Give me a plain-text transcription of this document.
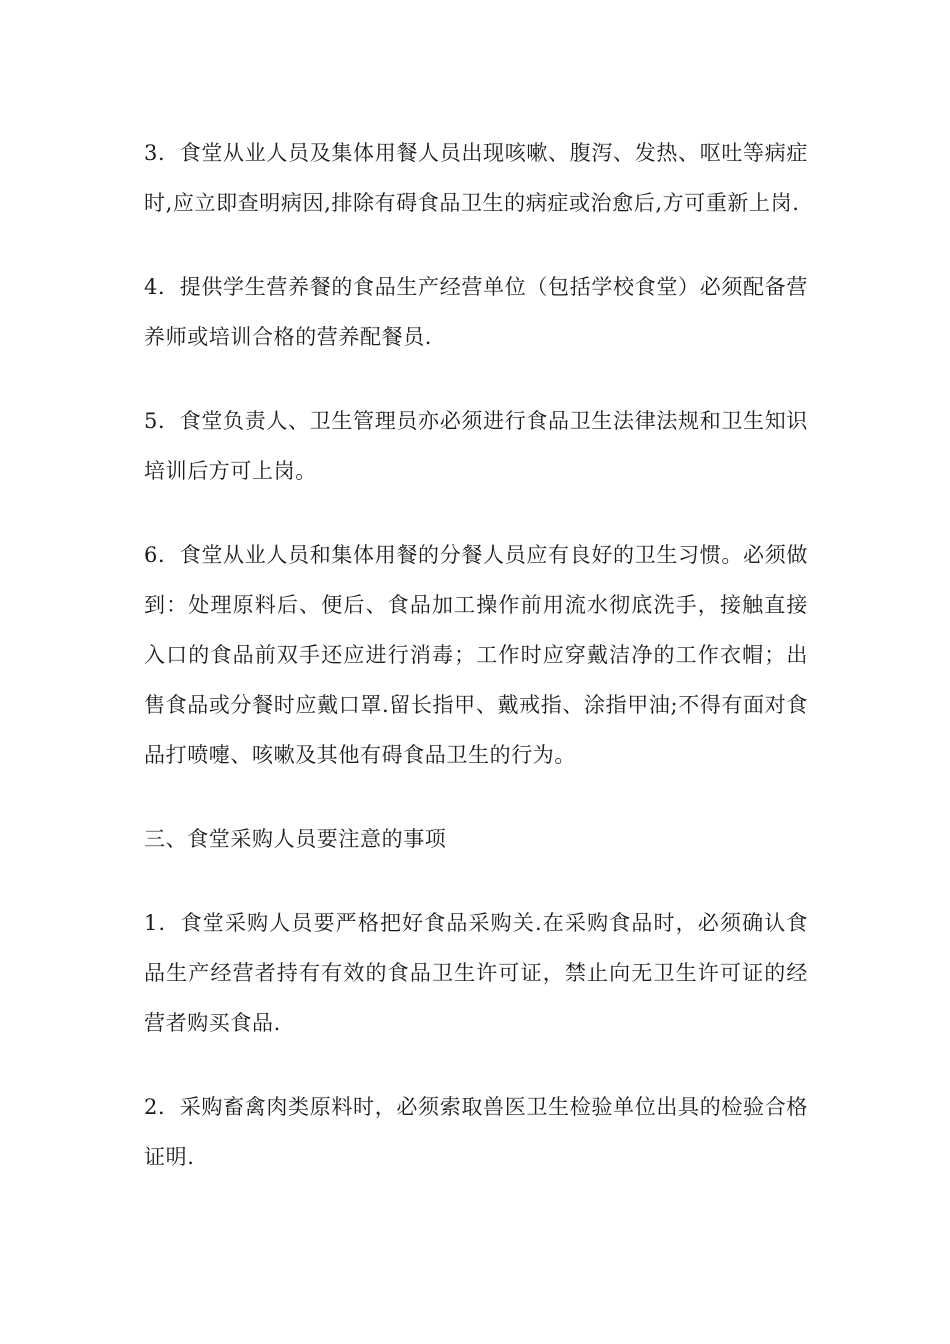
3．食堂从业人员及集体用餐人员出现咳嗽、腹泻、发热、呕吐等病症时,应立即查明病因,排除有碍食品卫生的病症或治愈后,方可重新上岗.

4．提供学生营养餐的食品生产经营单位（包括学校食堂）必须配备营养师或培训合格的营养配餐员.

5．食堂负责人、卫生管理员亦必须进行食品卫生法律法规和卫生知识培训后方可上岗。

6．食堂从业人员和集体用餐的分餐人员应有良好的卫生习惯。必须做到：处理原料后、便后、食品加工操作前用流水彻底洗手，接触直接入口的食品前双手还应进行消毒；工作时应穿戴洁净的工作衣帽；出售食品或分餐时应戴口罩.留长指甲、戴戒指、涂指甲油;不得有面对食品打喷嚏、咳嗽及其他有碍食品卫生的行为。

三、食堂采购人员要注意的事项

1．食堂采购人员要严格把好食品采购关.在采购食品时，必须确认食品生产经营者持有有效的食品卫生许可证，禁止向无卫生许可证的经营者购买食品.

2．采购畜禽肉类原料时，必须索取兽医卫生检验单位出具的检验合格证明.
